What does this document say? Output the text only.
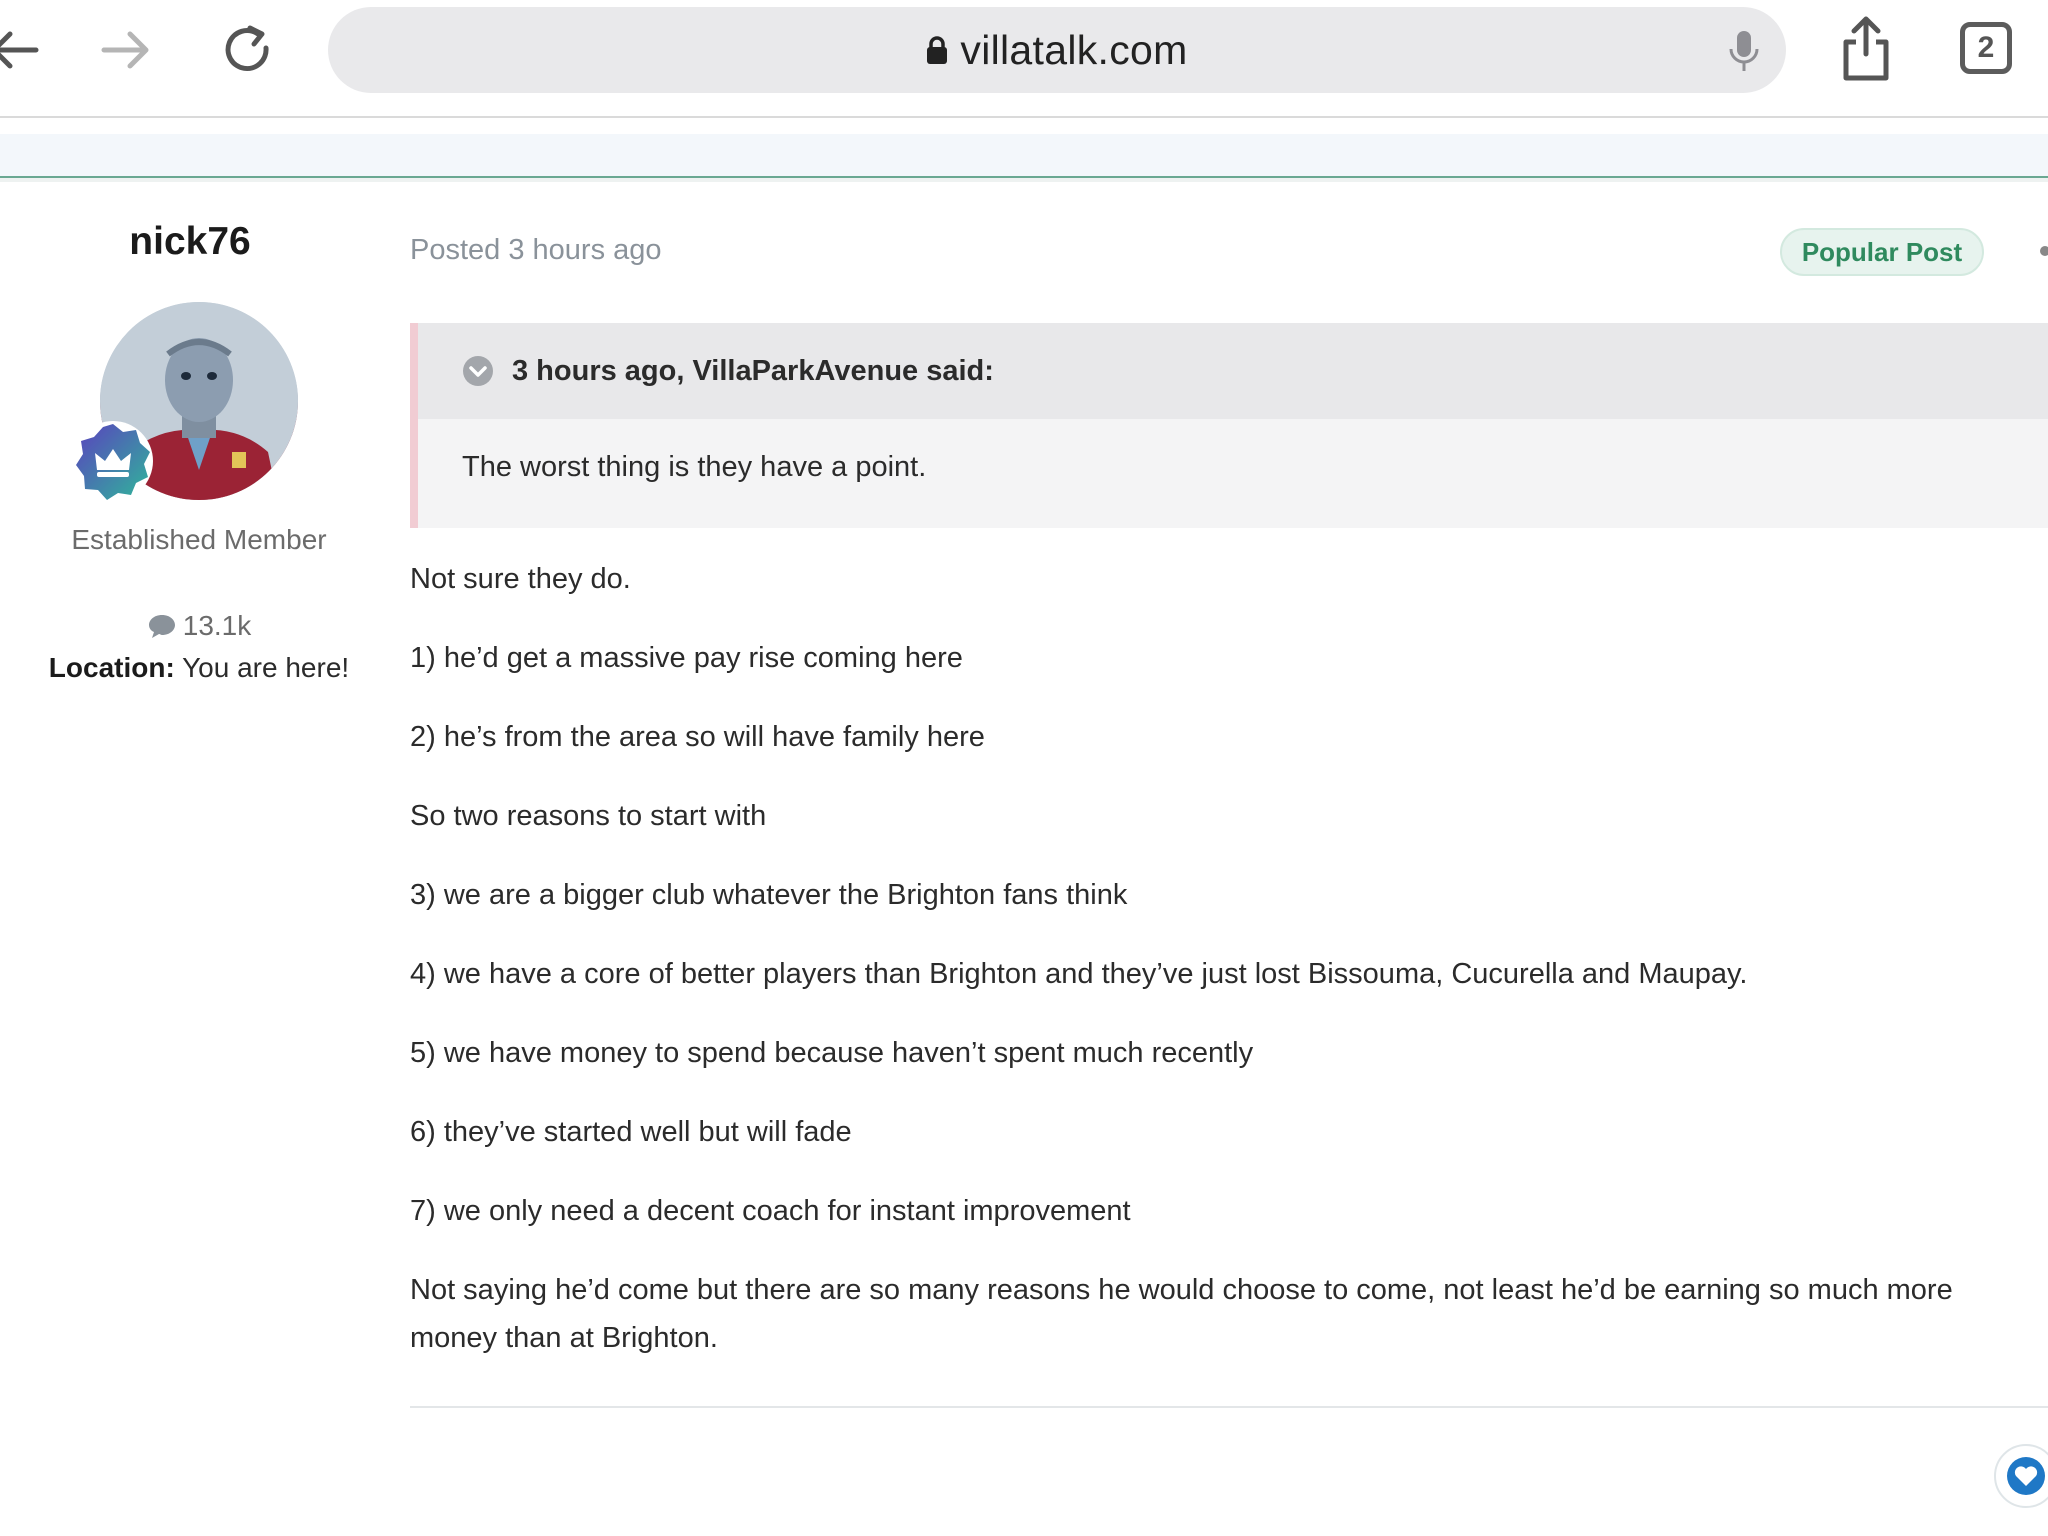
villatalk.com	2
nick76
Established Member
13.1k
Location: You are here!
Posted 3 hours ago	Popular Post
3 hours ago, VillaParkAvenue said:
The worst thing is they have a point.

Not sure they do.

1) he’d get a massive pay rise coming here

2) he’s from the area so will have family here

So two reasons to start with

3) we are a bigger club whatever the Brighton fans think

4) we have a core of better players than Brighton and they’ve just lost Bissouma, Cucurella and Maupay.

5) we have money to spend because haven’t spent much recently

6) they’ve started well but will fade

7) we only need a decent coach for instant improvement

Not saying he’d come but there are so many reasons he would choose to come, not least he’d be earning so much more money than at Brighton.
